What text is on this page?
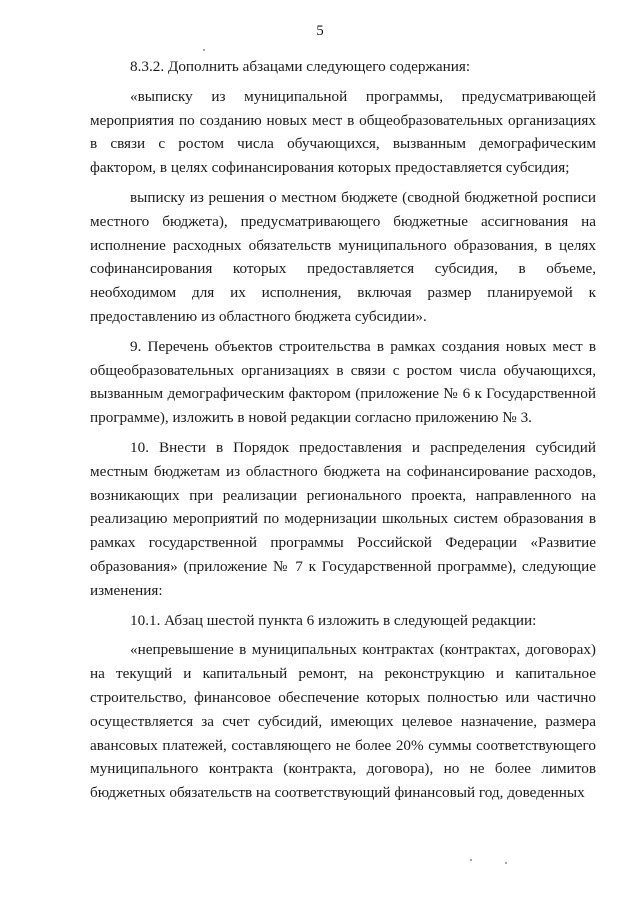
5

8.3.2. Дополнить абзацами следующего содержания:

«выписку из муниципальной программы, предусматривающей мероприятия по созданию новых мест в общеобразовательных организациях в связи с ростом числа обучающихся, вызванным демографическим фактором, в целях софинансирования которых предоставляется субсидия;

выписку из решения о местном бюджете (сводной бюджетной росписи местного бюджета), предусматривающего бюджетные ассигнования на исполнение расходных обязательств муниципального образования, в целях софинансирования которых предоставляется субсидия, в объеме, необходимом для их исполнения, включая размер планируемой к предоставлению из областного бюджета субсидии».

9. Перечень объектов строительства в рамках создания новых мест в общеобразовательных организациях в связи с ростом числа обучающихся, вызванным демографическим фактором (приложение № 6 к Государственной программе), изложить в новой редакции согласно приложению № 3.

10. Внести в Порядок предоставления и распределения субсидий местным бюджетам из областного бюджета на софинансирование расходов, возникающих при реализации регионального проекта, направленного на реализацию мероприятий по модернизации школьных систем образования в рамках государственной программы Российской Федерации «Развитие образования» (приложение № 7 к Государственной программе), следующие изменения:

10.1. Абзац шестой пункта 6 изложить в следующей редакции:

«непревышение в муниципальных контрактах (контрактах, договорах) на текущий и капитальный ремонт, на реконструкцию и капитальное строительство, финансовое обеспечение которых полностью или частично осуществляется за счет субсидий, имеющих целевое назначение, размера авансовых платежей, составляющего не более 20% суммы соответствующего муниципального контракта (контракта, договора), но не более лимитов бюджетных обязательств на соответствующий финансовый год, доведенных
